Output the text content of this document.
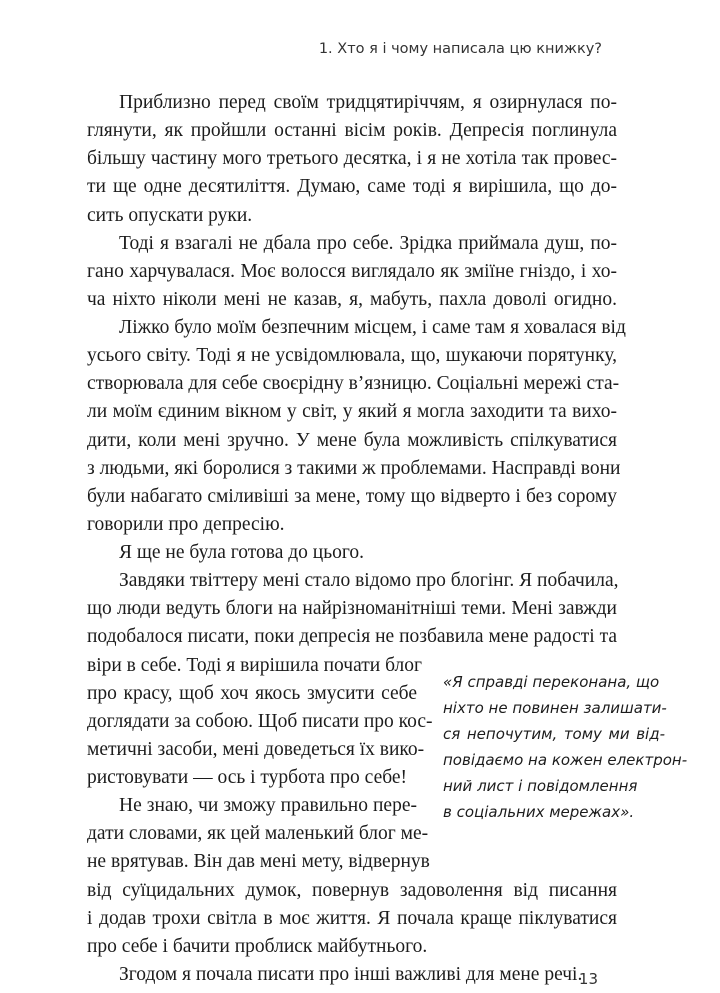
1. Хто я і чому написала цю книжку?
Приблизно перед своїм тридцятиріччям, я озирнулася по-
глянути, як пройшли останні вісім років. Депресія поглинула
більшу частину мого третього десятка, і я не хотіла так провес-
ти ще одне десятиліття. Думаю, саме тоді я вирішила, що до-
сить опускати руки.
Тоді я взагалі не дбала про себе. Зрідка приймала душ, по-
гано харчувалася. Моє волосся виглядало як зміїне гніздо, і хо-
ча ніхто ніколи мені не казав, я, мабуть, пахла доволі огидно.
Ліжко було моїм безпечним місцем, і саме там я ховалася від
усього світу. Тоді я не усвідомлювала, що, шукаючи порятунку,
створювала для себе своєрідну в’язницю. Соціальні мережі ста-
ли моїм єдиним вікном у світ, у який я могла заходити та вихо-
дити, коли мені зручно. У мене була можливість спілкуватися
з людьми, які боролися з такими ж проблемами. Насправді вони
були набагато сміливіші за мене, тому що відверто і без сорому
говорили про депресію.
Я ще не була готова до цього.
Завдяки твіттеру мені стало відомо про блогінг. Я побачила,
що люди ведуть блоги на найрізноманітніші теми. Мені завжди
подобалося писати, поки депресія не позбавила мене радості та
віри в себе. Тоді я вирішила почати блог
про красу, щоб хоч якось змусити себе
доглядати за собою. Щоб писати про кос-
метичні засоби, мені доведеться їх вико-
ристовувати — ось і турбота про себе!
Не знаю, чи зможу правильно пере-
дати словами, як цей маленький блог ме-
не врятував. Він дав мені мету, відвернув
від суїцидальних думок, повернув задоволення від писання
і додав трохи світла в моє життя. Я почала краще піклуватися
про себе і бачити проблиск майбутнього.
Згодом я почала писати про інші важливі для мене речі.
«Я справді переконана, що
ніхто не повинен залишати-
ся непочутим, тому ми від-
повідаємо на кожен електрон-
ний лист і повідомлення
в соціальних мережах».
13
